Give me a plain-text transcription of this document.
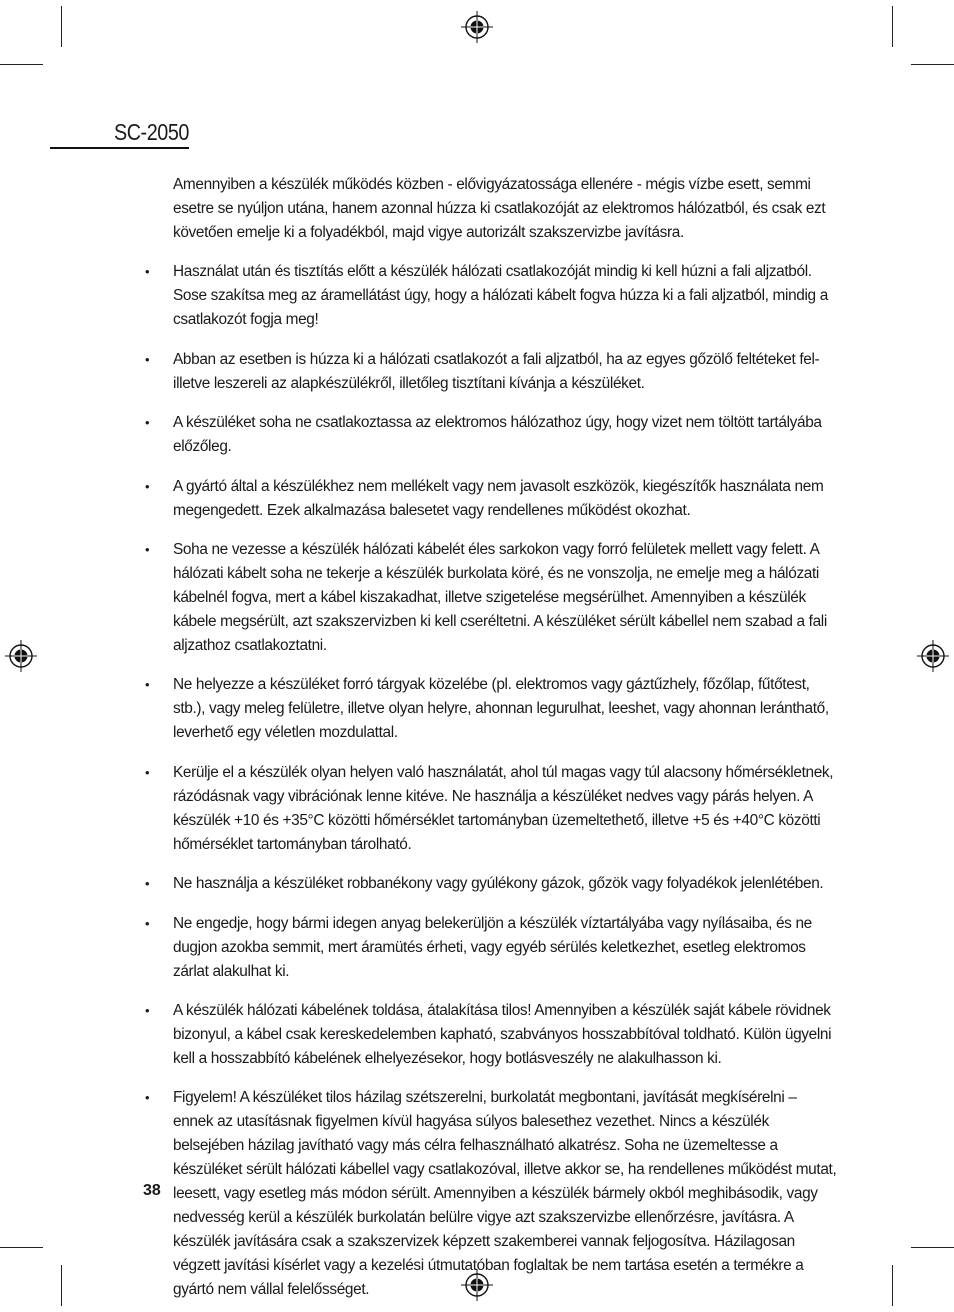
SC-2050

Amennyiben a készülék működés közben - elővigyázatossága ellenére - mégis vízbe esett, semmi esetre se nyúljon utána, hanem azonnal húzza ki csatlakozóját az elektromos hálózatból, és csak ezt követően emelje ki a folyadékból, majd vigye autorizált szakszervizbe javításra.

• Használat után és tisztítás előtt a készülék hálózati csatlakozóját mindig ki kell húzni a fali aljzatból. Sose szakítsa meg az áramellátást úgy, hogy a hálózati kábelt fogva húzza ki a fali aljzatból, mindig a csatlakozót fogja meg!

• Abban az esetben is húzza ki a hálózati csatlakozót a fali aljzatból, ha az egyes gőzölő feltéteket fel- illetve leszereli az alapkészülékről, illetőleg tisztítani kívánja a készüléket.

• A készüléket soha ne csatlakoztassa az elektromos hálózathoz úgy, hogy vizet nem töltött tartályába előzőleg.

• A gyártó által a készülékhez nem mellékelt vagy nem javasolt eszközök, kiegészítők használata nem megengedett. Ezek alkalmazása balesetet vagy rendellenes működést okozhat.

• Soha ne vezesse a készülék hálózati kábelét éles sarkokon vagy forró felületek mellett vagy felett. A hálózati kábelt soha ne tekerje a készülék burkolata köré, és ne vonszolja, ne emelje meg a hálózati kábelnél fogva, mert a kábel kiszakadhat, illetve szigetelése megsérülhet. Amennyiben a készülék kábele megsérült, azt szakszervizben ki kell cseréltetni. A készüléket sérült kábellel nem szabad a fali aljzathoz csatlakoztatni.

• Ne helyezze a készüléket forró tárgyak közelébe (pl. elektromos vagy gáztűzhely, főzőlap, fűtőtest, stb.), vagy meleg felületre, illetve olyan helyre, ahonnan legurulhat, leeshet, vagy ahonnan leránthatő, leverhető egy véletlen mozdulattal.

• Kerülje el a készülék olyan helyen való használatát, ahol túl magas vagy túl alacsony hőmérsékletnek, rázódásnak vagy vibrációnak lenne kitéve. Ne használja a készüléket nedves vagy párás helyen. A készülék +10 és +35°C közötti hőmérséklet tartományban üzemeltethető, illetve +5 és +40°C közötti hőmérséklet tartományban tárolható.

• Ne használja a készüléket robbanékony vagy gyúlékony gázok, gőzök vagy folyadékok jelenlétében.

• Ne engedje, hogy bármi idegen anyag belekerüljön a készülék víztartályába vagy nyílásaiba, és ne dugjon azokba semmit, mert áramütés érheti, vagy egyéb sérülés keletkezhet, esetleg elektromos zárlat alakulhat ki.

• A készülék hálózati kábelének toldása, átalakítása tilos! Amennyiben a készülék saját kábele rövidnek bizonyul, a kábel csak kereskedelemben kapható, szabványos hosszabbítóval toldható. Külön ügyelni kell a hosszabbító kábelének elhelyezésekor, hogy botlásveszély ne alakulhasson ki.

• Figyelem! A készüléket tilos házilag szétszerelni, burkolatát megbontani, javítását megkísérelni – ennek az utasításnak figyelmen kívül hagyása súlyos balesethez vezethet. Nincs a készülék belsejében házilag javítható vagy más célra felhasználható alkatrész. Soha ne üzemeltesse a készüléket sérült hálózati kábellel vagy csatlakozóval, illetve akkor se, ha rendellenes működést mutat, leesett, vagy esetleg más módon sérült. Amennyiben a készülék bármely okból meghibásodik, vagy nedvesség kerül a készülék burkolatán belülre vigye azt szakszervizbe ellenőrzésre, javításra. A készülék javítására csak a szakszervizek képzett szakemberei vannak feljogosítva. Házilagosan végzett javítási kísérlet vagy a kezelési útmutatóban foglaltak be nem tartása esetén a termékre a gyártó nem vállal felelősséget.

38
